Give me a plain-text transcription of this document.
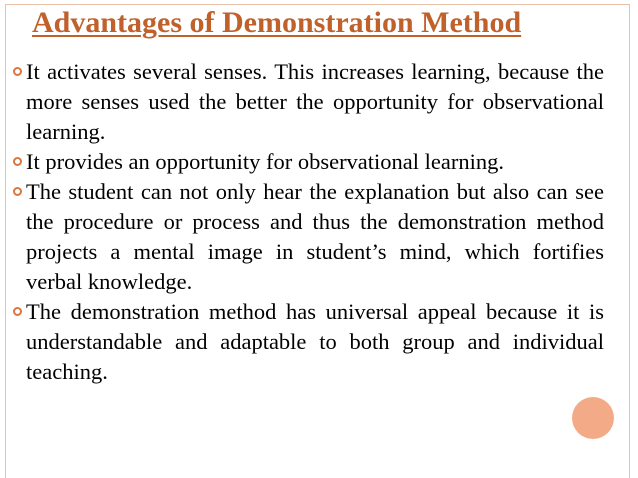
Advantages of Demonstration Method
It activates several senses. This increases learning, because the more senses used the better the opportunity for observational learning.
It provides an opportunity for observational learning.
The student can not only hear the explanation but also can see the procedure or process and thus the demonstration method projects a mental image in student’s mind, which fortifies verbal knowledge.
The demonstration method has universal appeal because it is understandable and adaptable to both group and individual teaching.
